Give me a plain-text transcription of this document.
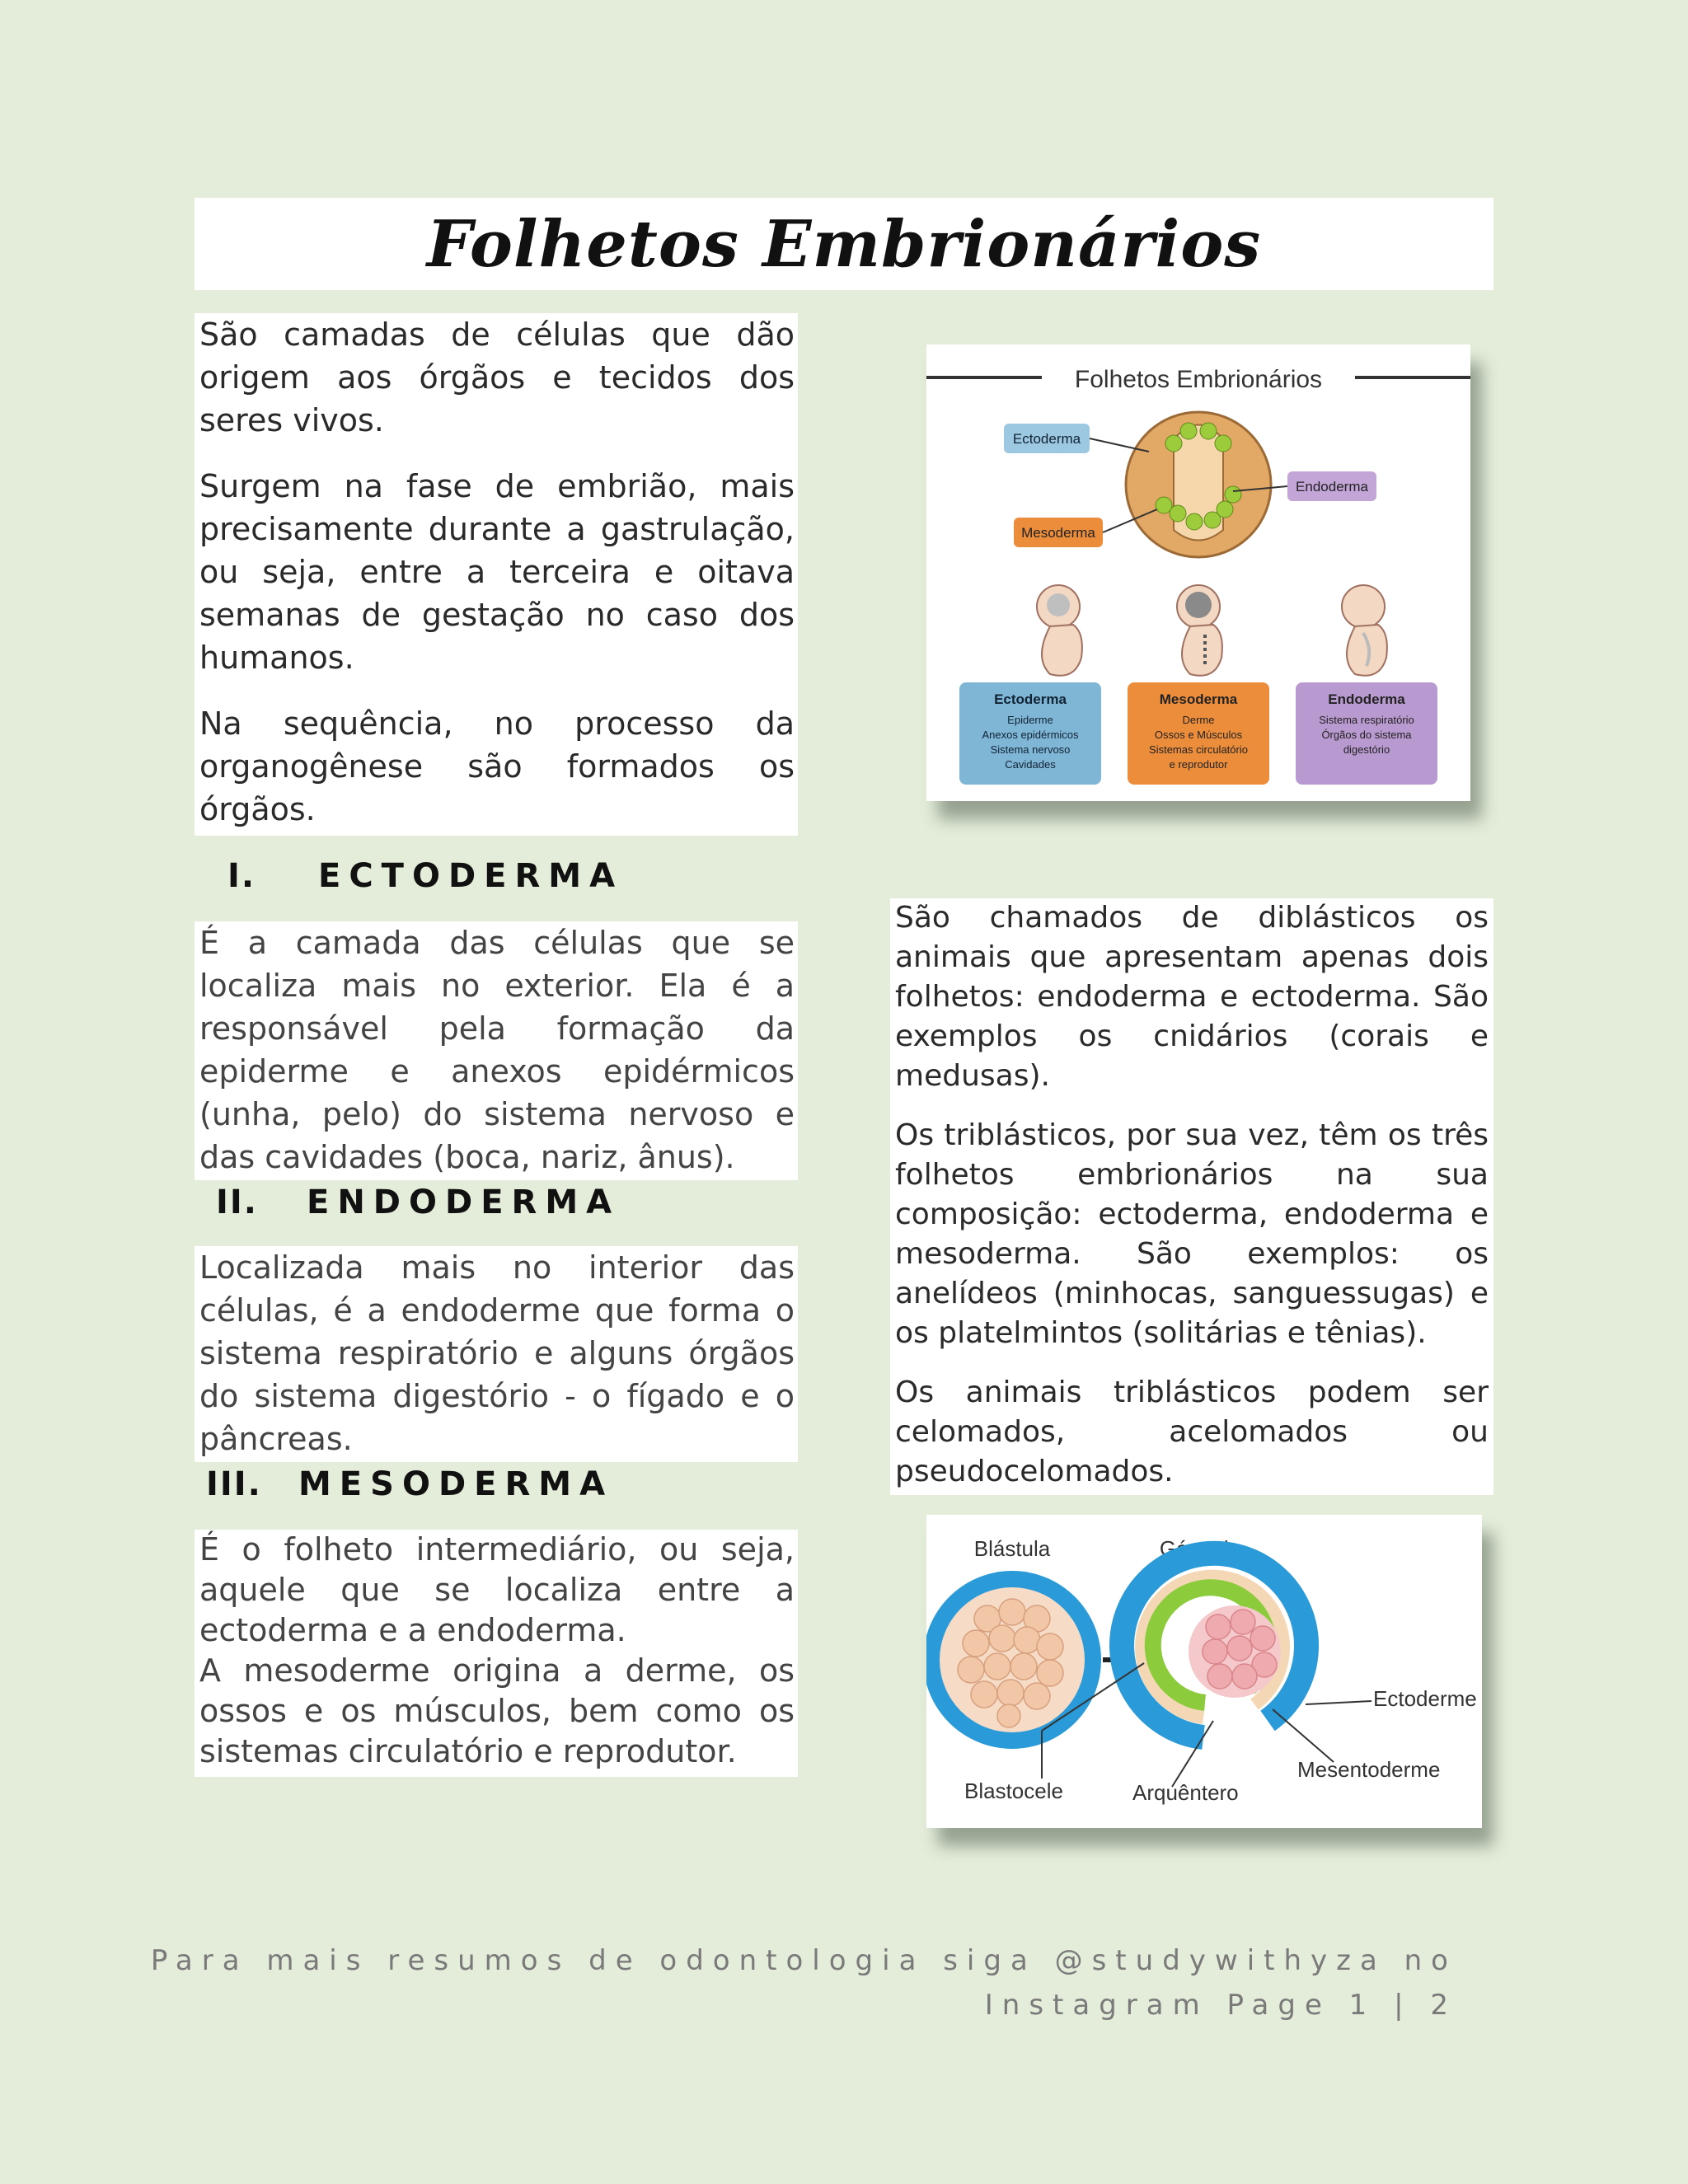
Folhetos Embrionários

São camadas de células que dão origem aos órgãos e tecidos dos seres vivos.

Surgem na fase de embrião, mais precisamente durante a gastrulação, ou seja, entre a terceira e oitava semanas de gestação no caso dos humanos.

Na sequência, no processo da organogênese são formados os órgãos.

I.	ECTODERMA

É a camada das células que se localiza mais no exterior. Ela é a responsável pela formação da epiderme e anexos epidérmicos (unha, pelo) do sistema nervoso e das cavidades (boca, nariz, ânus).

II.	ENDODERMA

Localizada mais no interior das células, é a endoderme que forma o sistema respiratório e alguns órgãos do sistema digestório - o fígado e o pâncreas.

III.	MESODERMA

É o folheto intermediário, ou seja, aquele que se localiza entre a ectoderma e a endoderma.

A mesoderme origina a derme, os ossos e os músculos, bem como os sistemas circulatório e reprodutor.

São chamados de diblásticos os animais que apresentam apenas dois folhetos: endoderma e ectoderma. São exemplos os cnidários (corais e medusas).

Os triblásticos, por sua vez, têm os três folhetos embrionários na sua composição: ectoderma, endoderma e mesoderma. São exemplos: os anelídeos (minhocas, sanguessugas) e os platelmintos (solitárias e tênias).

Os animais triblásticos podem ser celomados, acelomados ou pseudocelomados.

Folhetos Embrionários
Ectoderma
Mesoderma
Endoderma
Ectoderma
Epiderme
Anexos epidérmicos
Sistema nervoso
Cavidades
Mesoderma
Derme
Ossos e Músculos
Sistemas circulatório
e reprodutor
Endoderma
Sistema respiratório
Órgãos do sistema
digestório
Blástula	Gástrula
Ectoderme
Mesentoderme
Blastocele	Arquêntero
Para mais resumos de odontologia siga @studywithyza no
Instagram Page 1 | 2
